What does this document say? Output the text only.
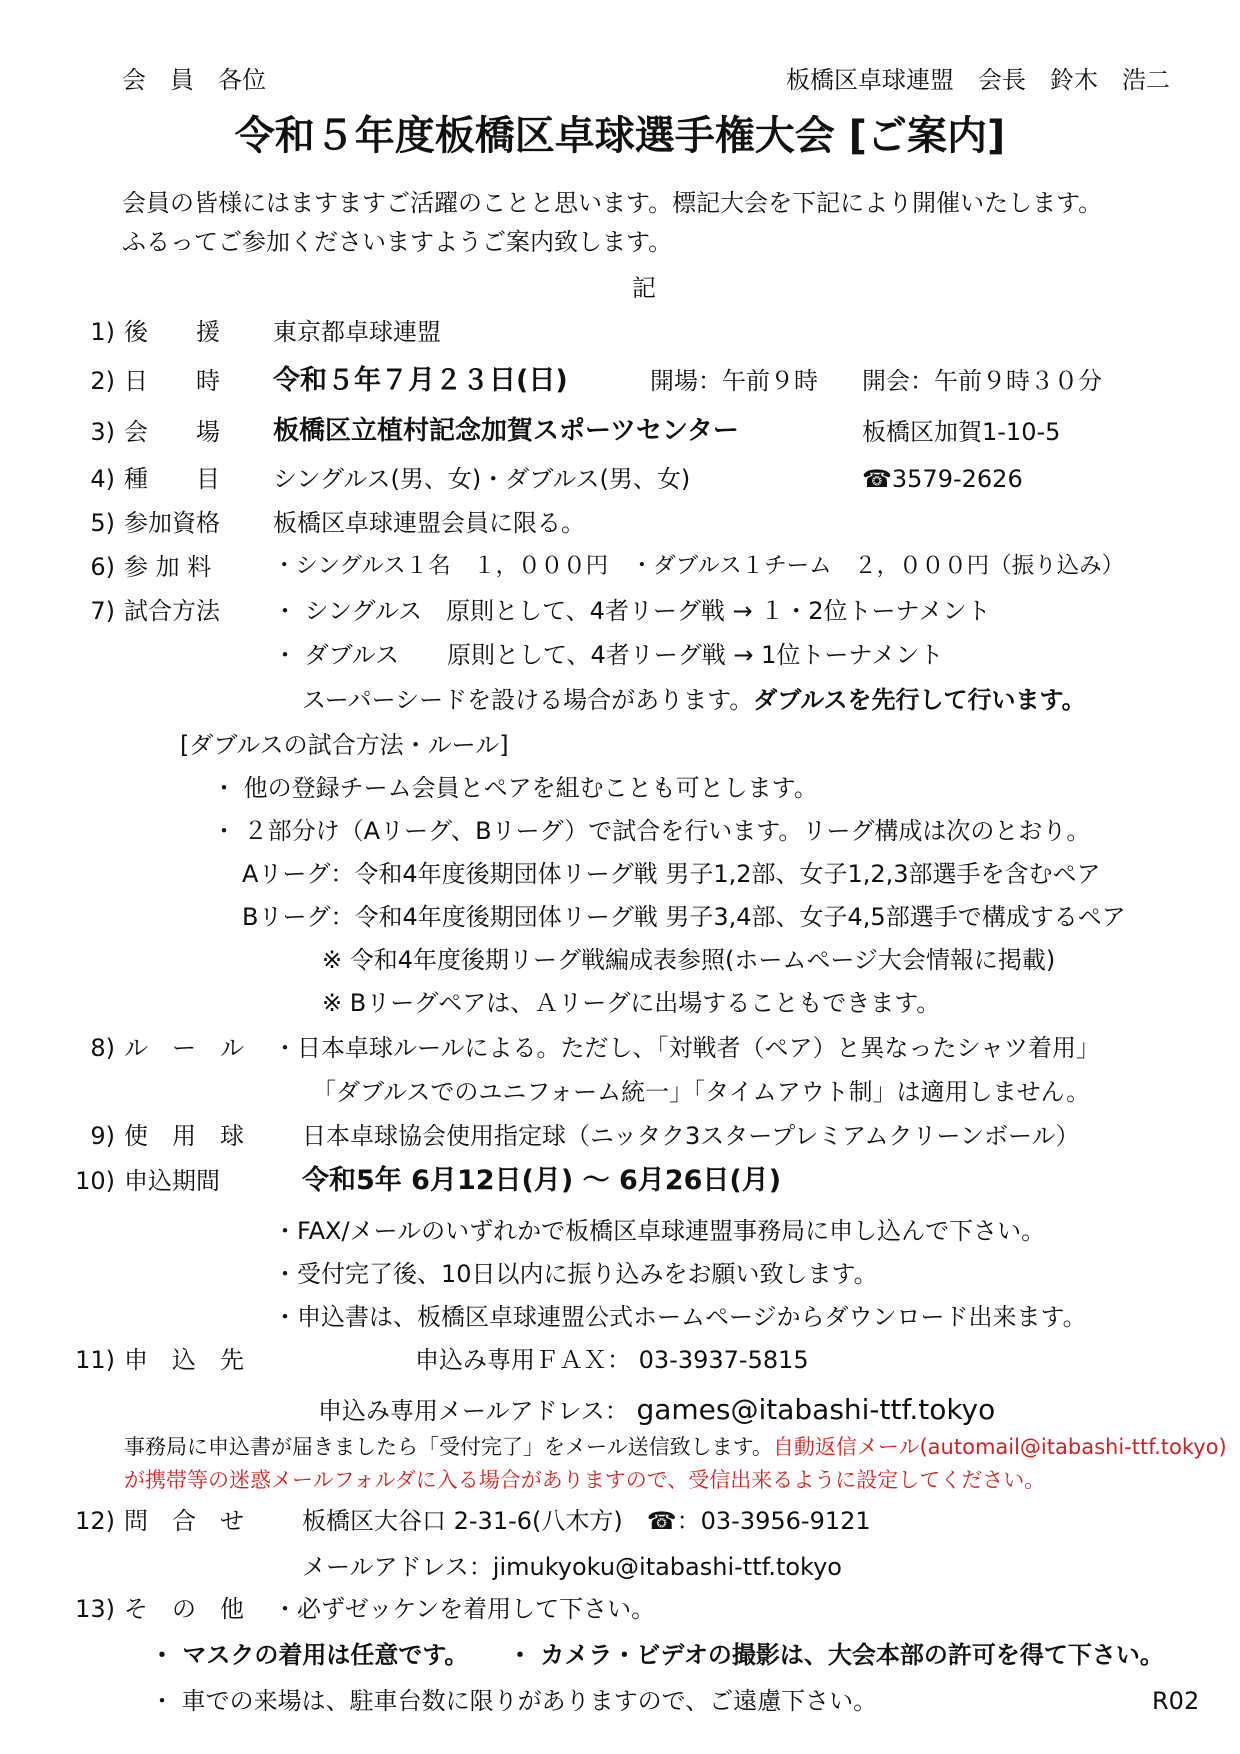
会　員　各位	板橋区卓球連盟　会長　鈴木　浩二
令和５年度板橋区卓球選手権大会 [ご案内]
会員の皆様にはますますご活躍のことと思います。標記大会を下記により開催いたします。
ふるってご参加くださいますようご案内致します。
記
1) 後　　援 東京都卓球連盟
2) 日　　時 令和５年７月２３日(日)	開場：午前９時 開会：午前９時３０分
3) 会　　場 板橋区立植村記念加賀スポーツセンター	板橋区加賀1-10-5
4) 種　　目 シングルス(男、女)・ダブルス(男、女)	☎3579-2626
5) 参加資格 板橋区卓球連盟会員に限る。
6) 参 加 料	・シングルス１名　１，０００円　・ダブルス１チーム　２，０００円（振り込み）
7) 試合方法 ・ シングルス　原則として、4者リーグ戦 → １・2位トーナメント
・ ダブルス　　原則として、4者リーグ戦 → 1位トーナメント
スーパーシードを設ける場合があります。ダブルスを先行して行います。
[ダブルスの試合方法・ルール]
・ 他の登録チーム会員とペアを組むことも可とします。
・ ２部分け（Aリーグ、Bリーグ）で試合を行います。リーグ構成は次のとおり。
Aリーグ：令和4年度後期団体リーグ戦 男子1,2部、女子1,2,3部選手を含むペア
Bリーグ：令和4年度後期団体リーグ戦 男子3,4部、女子4,5部選手で構成するペア
※ 令和4年度後期リーグ戦編成表参照(ホームページ大会情報に掲載)
※ Bリーグペアは、Ａリーグに出場することもできます。
8) ル　ー　ル ・日本卓球ルールによる。ただし、「対戦者（ペア）と異なったシャツ着用」
「ダブルスでのユニフォーム統一」「タイムアウト制」は適用しません。
9) 使　用　球 日本卓球協会使用指定球（ニッタク3スタープレミアムクリーンボール）
10) 申込期間	令和5年 6月12日(月) ～ 6月26日(月)
・FAX/メールのいずれかで板橋区卓球連盟事務局に申し込んで下さい。
・受付完了後、10日以内に振り込みをお願い致します。
・申込書は、板橋区卓球連盟公式ホームページからダウンロード出来ます。
11) 申　込　先	申込み専用ＦＡＸ： 03-3937-5815
申込み専用メールアドレス： games@itabashi-ttf.tokyo
事務局に申込書が届きましたら「受付完了」をメール送信致します。自動返信メール(automail@itabashi-ttf.tokyo)
が携帯等の迷惑メールフォルダに入る場合がありますので、受信出来るように設定してください。
12) 問　合　せ 板橋区大谷口 2-31-6(八木方)　☎：03-3956-9121
メールアドレス：jimukyoku@itabashi-ttf.tokyo
13) そ　の　他 ・必ずゼッケンを着用して下さい。
・ マスクの着用は任意です。 ・ カメラ・ビデオの撮影は、大会本部の許可を得て下さい。
・ 車での来場は、駐車台数に限りがありますので、ご遠慮下さい。	R02
